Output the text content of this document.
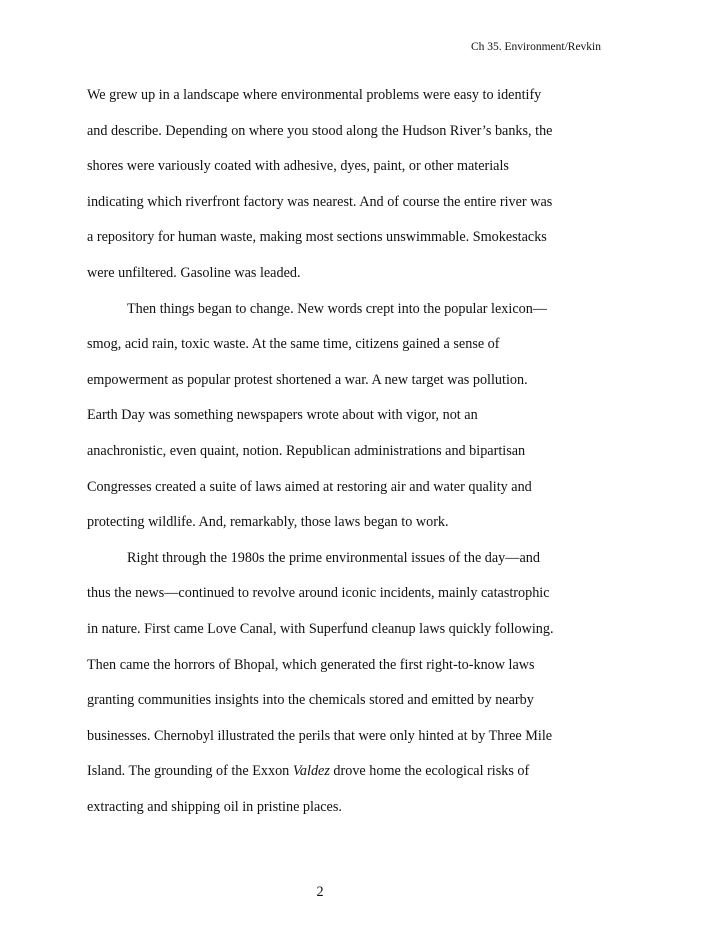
Ch 35. Environment/Revkin
We grew up in a landscape where environmental problems were easy to identify
and describe. Depending on where you stood along the Hudson River’s banks, the
shores were variously coated with adhesive, dyes, paint, or other materials
indicating which riverfront factory was nearest. And of course the entire river was
a repository for human waste, making most sections unswimmable. Smokestacks
were unfiltered. Gasoline was leaded.
Then things began to change. New words crept into the popular lexicon—
smog, acid rain, toxic waste. At the same time, citizens gained a sense of
empowerment as popular protest shortened a war. A new target was pollution.
Earth Day was something newspapers wrote about with vigor, not an
anachronistic, even quaint, notion. Republican administrations and bipartisan
Congresses created a suite of laws aimed at restoring air and water quality and
protecting wildlife. And, remarkably, those laws began to work.
Right through the 1980s the prime environmental issues of the day—and
thus the news—continued to revolve around iconic incidents, mainly catastrophic
in nature. First came Love Canal, with Superfund cleanup laws quickly following.
Then came the horrors of Bhopal, which generated the first right-to-know laws
granting communities insights into the chemicals stored and emitted by nearby
businesses. Chernobyl illustrated the perils that were only hinted at by Three Mile
Island. The grounding of the Exxon Valdez drove home the ecological risks of
extracting and shipping oil in pristine places.
2
